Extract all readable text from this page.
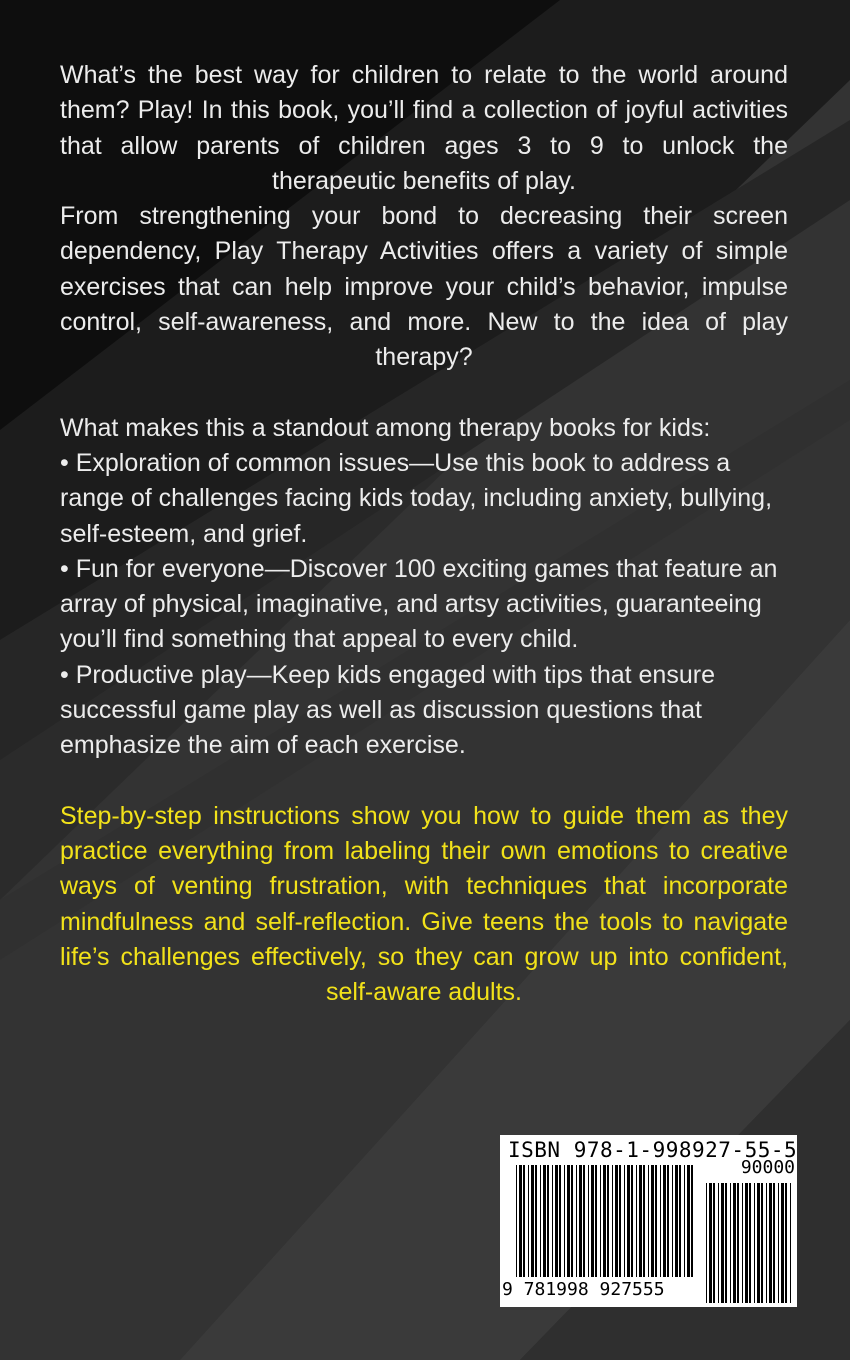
What’s the best way for children to relate to the world around them? Play! In this book, you’ll find a collection of joyful activities that allow parents of children ages 3 to 9 to unlock the therapeutic benefits of play.

From strengthening your bond to decreasing their screen dependency, Play Therapy Activities offers a variety of simple exercises that can help improve your child’s behavior, impulse control, self-awareness, and more. New to the idea of play therapy?

What makes this a standout among therapy books for kids:

• Exploration of common issues—Use this book to address a range of challenges facing kids today, including anxiety, bullying, self-esteem, and grief.

• Fun for everyone—Discover 100 exciting games that feature an array of physical, imaginative, and artsy activities, guaranteeing you’ll find something that appeal to every child.

• Productive play—Keep kids engaged with tips that ensure successful game play as well as discussion questions that emphasize the aim of each exercise.

Step-by-step instructions show you how to guide them as they practice everything from labeling their own emotions to creative ways of venting frustration, with techniques that incorporate mindfulness and self-reflection. Give teens the tools to navigate life’s challenges effectively, so they can grow up into confident, self-aware adults.

ISBN 978-1-998927-55-5
90000
9 781998 927555
